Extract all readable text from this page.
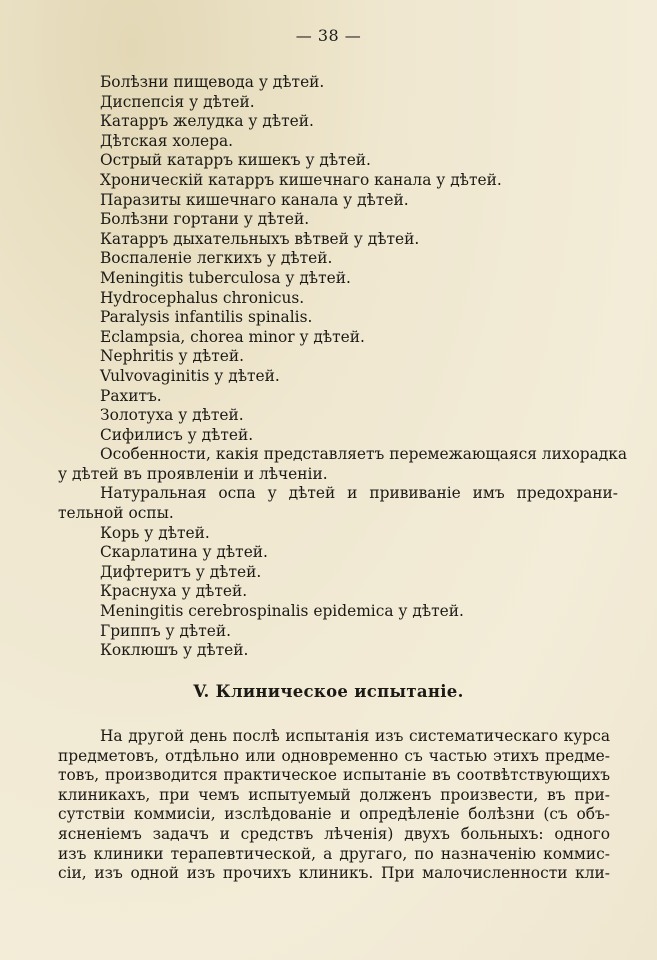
— 38 —
Болѣзни пищевода у дѣтей.
Диспепсія у дѣтей.
Катарръ желудка у дѣтей.
Дѣтская холера.
Острый катарръ кишекъ у дѣтей.
Хроническій катарръ кишечнаго канала у дѣтей.
Паразиты кишечнаго канала у дѣтей.
Болѣзни гортани у дѣтей.
Катарръ дыхательныхъ вѣтвей у дѣтей.
Воспаленіе легкихъ у дѣтей.
Meningitis tuberculosa у дѣтей.
Hydrocephalus chronicus.
Paralysis infantilis spinalis.
Eclampsia, chorea minor у дѣтей.
Nephritis у дѣтей.
Vulvovaginitis у дѣтей.
Рахитъ.
Золотуха у дѣтей.
Сифилисъ у дѣтей.
Особенности, какія представляетъ перемежающаяся лихорадка
у дѣтей въ проявленіи и лѣченіи.
Натуральная оспа у дѣтей и прививаніе имъ предохрани-
тельной оспы.
Корь у дѣтей.
Скарлатина у дѣтей.
Дифтеритъ у дѣтей.
Краснуха у дѣтей.
Meningitis cerebrospinalis epidemica у дѣтей.
Гриппъ у дѣтей.
Коклюшъ у дѣтей.
V. Клиническое испытаніе.
На другой день послѣ испытанія изъ систематическаго курса
предметовъ, отдѣльно или одновременно съ частью этихъ предме-
товъ, производится практическое испытаніе въ соотвѣтствующихъ
клиникахъ, при чемъ испытуемый долженъ произвести, въ при-
сутствіи коммисіи, изслѣдованіе и опредѣленіе болѣзни (съ объ-
ясненіемъ задачъ и средствъ лѣченія) двухъ больныхъ: одного
изъ клиники терапевтической, а другаго, по назначенію коммис-
сіи, изъ одной изъ прочихъ клиникъ. При малочисленности кли-
